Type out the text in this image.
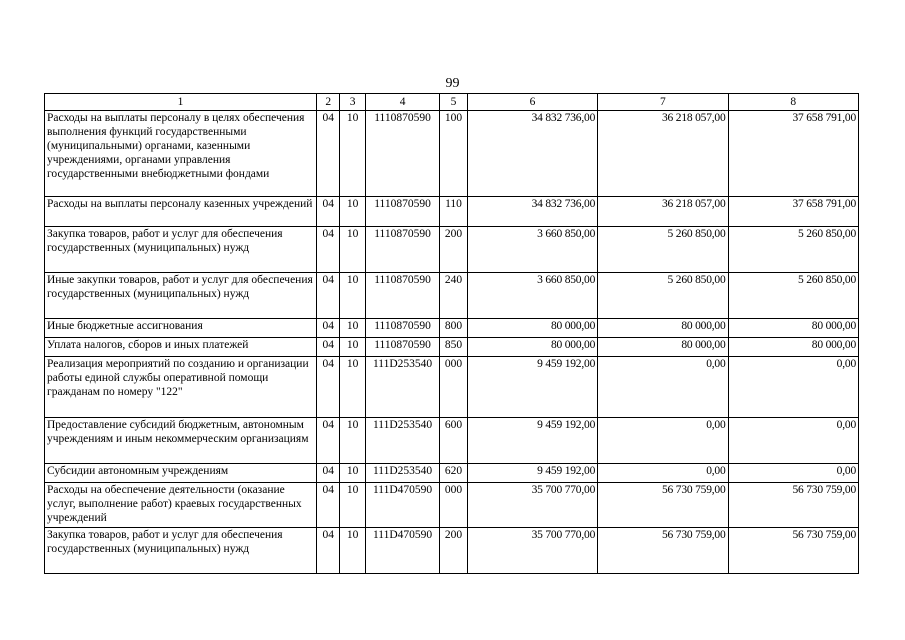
99
1	2	3	4	5	6	7	8
Расходы на выплаты персоналу в целях обеспечения выполнения функций государственными (муниципальными) органами, казенными учреждениями, органами управления государственными внебюджетными фондами	04	10	1110870590	100	34 832 736,00	36 218 057,00	37 658 791,00
Расходы на выплаты персоналу казенных учреждений	04	10	1110870590	110	34 832 736,00	36 218 057,00	37 658 791,00
Закупка товаров, работ и услуг для обеспечения государственных (муниципальных) нужд	04	10	1110870590	200	3 660 850,00	5 260 850,00	5 260 850,00
Иные закупки товаров, работ и услуг для обеспечения государственных (муниципальных) нужд	04	10	1110870590	240	3 660 850,00	5 260 850,00	5 260 850,00
Иные бюджетные ассигнования	04	10	1110870590	800	80 000,00	80 000,00	80 000,00
Уплата налогов, сборов и иных платежей	04	10	1110870590	850	80 000,00	80 000,00	80 000,00
Реализация мероприятий по созданию и организации работы единой службы оперативной помощи гражданам по номеру "122"	04	10	111D253540	000	9 459 192,00	0,00	0,00
Предоставление субсидий бюджетным, автономным учреждениям и иным некоммерческим организациям	04	10	111D253540	600	9 459 192,00	0,00	0,00
Субсидии автономным учреждениям	04	10	111D253540	620	9 459 192,00	0,00	0,00
Расходы на обеспечение деятельности (оказание услуг, выполнение работ) краевых государственных учреждений	04	10	111D470590	000	35 700 770,00	56 730 759,00	56 730 759,00
Закупка товаров, работ и услуг для обеспечения государственных (муниципальных) нужд	04	10	111D470590	200	35 700 770,00	56 730 759,00	56 730 759,00
